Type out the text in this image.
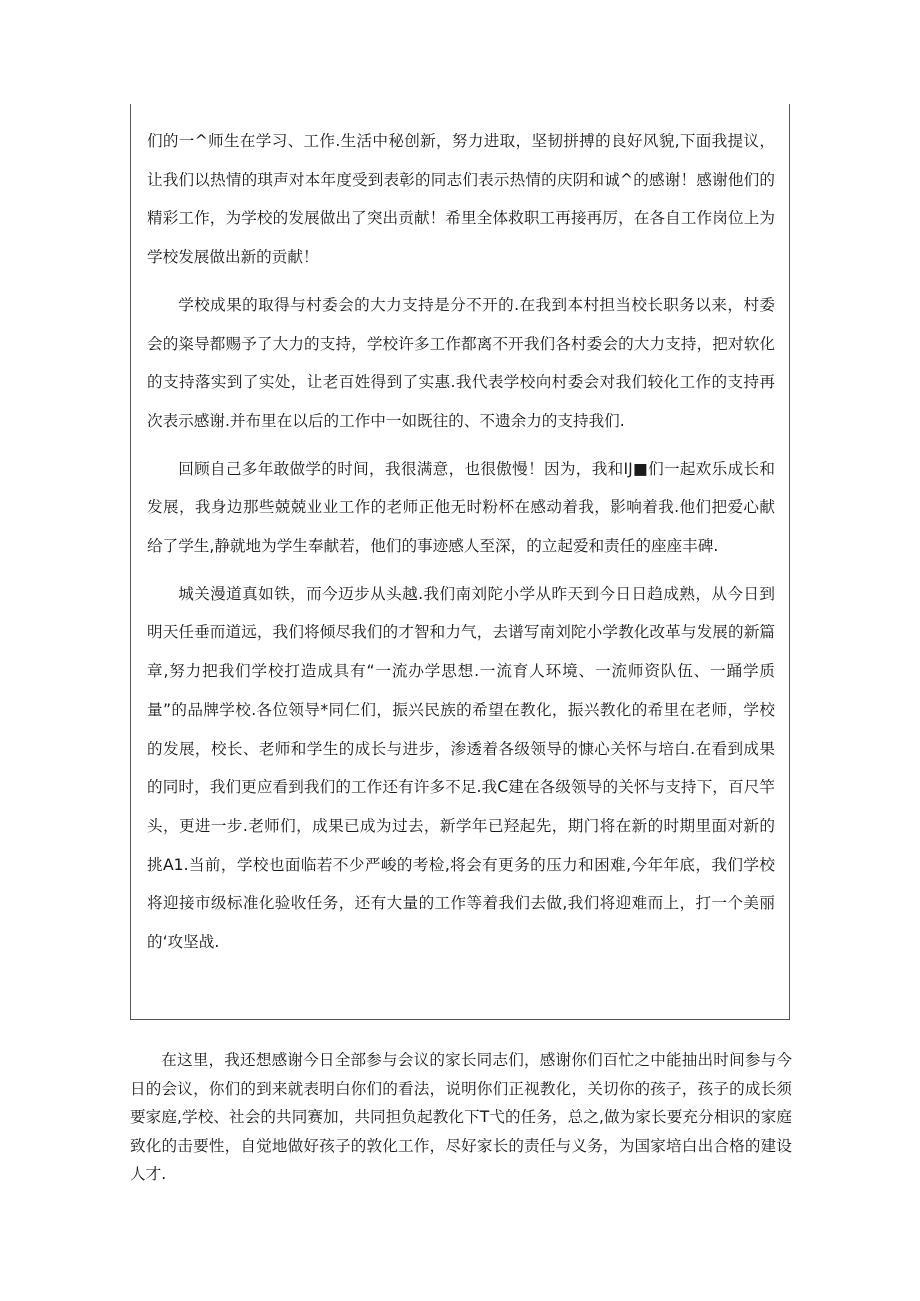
们的一^师生在学习、工作.生活中秘创新，努力进取，坚韧拼搏的良好风貌,下面我提议，让我们以热情的琪声对本年度受到表彰的同志们表示热情的庆阴和诚^的感谢！感谢他们的精彩工作，为学校的发展做出了突出贡献！希里全体救职工再接再厉，在各自工作岗位上为学校发展做出新的贡献！

学校成果的取得与村委会的大力支持是分不开的.在我到本村担当校长职务以来，村委会的粢导都赐予了大力的支持，学校许多工作都离不开我们各村委会的大力支持，把对软化的支持落实到了实处，让老百姓得到了实惠.我代表学校向村委会对我们较化工作的支持再次表示感谢.并布里在以后的工作中一如既往的、不遗余力的支持我们.

回顾自己多年敢做学的时间，我很满意，也很傲慢！因为，我和IJ■们一起欢乐成长和发展，我身边那些兢兢业业工作的老师正他无时粉杯在感动着我，影响着我.他们把爱心献给了学生,静就地为学生奉献若，他们的事迹感人至深，的立起爱和责任的座座丰碑.

城关漫道真如铁，而今迈步从头越.我们南刘陀小学从昨天到今日日趋成熟，从今日到明天任垂而道远，我们将倾尽我们的才智和力气，去谱写南刘陀小学教化改革与发展的新篇章,努力把我们学校打造成具有“一流办学思想.一流育人环境、一流师资队伍、一踊学质量”的品牌学校.各位领导*同仁们，振兴民族的希望在教化，振兴教化的希里在老师，学校的发展，校长、老师和学生的成长与进步，渗透着各级领导的慷心关怀与培白.在看到成果的同时，我们更应看到我们的工作还有许多不足.我C建在各级领导的关怀与支持下，百尺竿头，更进一步.老师们，成果已成为过去，新学年已羟起先，期门将在新的时期里面对新的挑A1.当前，学校也面临若不少严峻的考检,将会有更务的压力和困难,今年年底，我们学校将迎接市级标准化验收任务，还有大量的工作等着我们去做,我们将迎难而上，打一个美丽的‘攻坚战.

在这里，我还想感谢今日全部参与会议的家长同志们，感谢你们百忙之中能抽出时间参与今日的会议，你们的到来就表明白你们的看法，说明你们正视教化，关切你的孩子，孩子的成长须要家庭,学校、社会的共同赛加，共同担负起教化下T弋的任务，总之,做为家长要充分相识的家庭致化的击要性，自觉地做好孩子的敦化工作，尽好家长的责任与义务，为国家培白出合格的建设人才.
